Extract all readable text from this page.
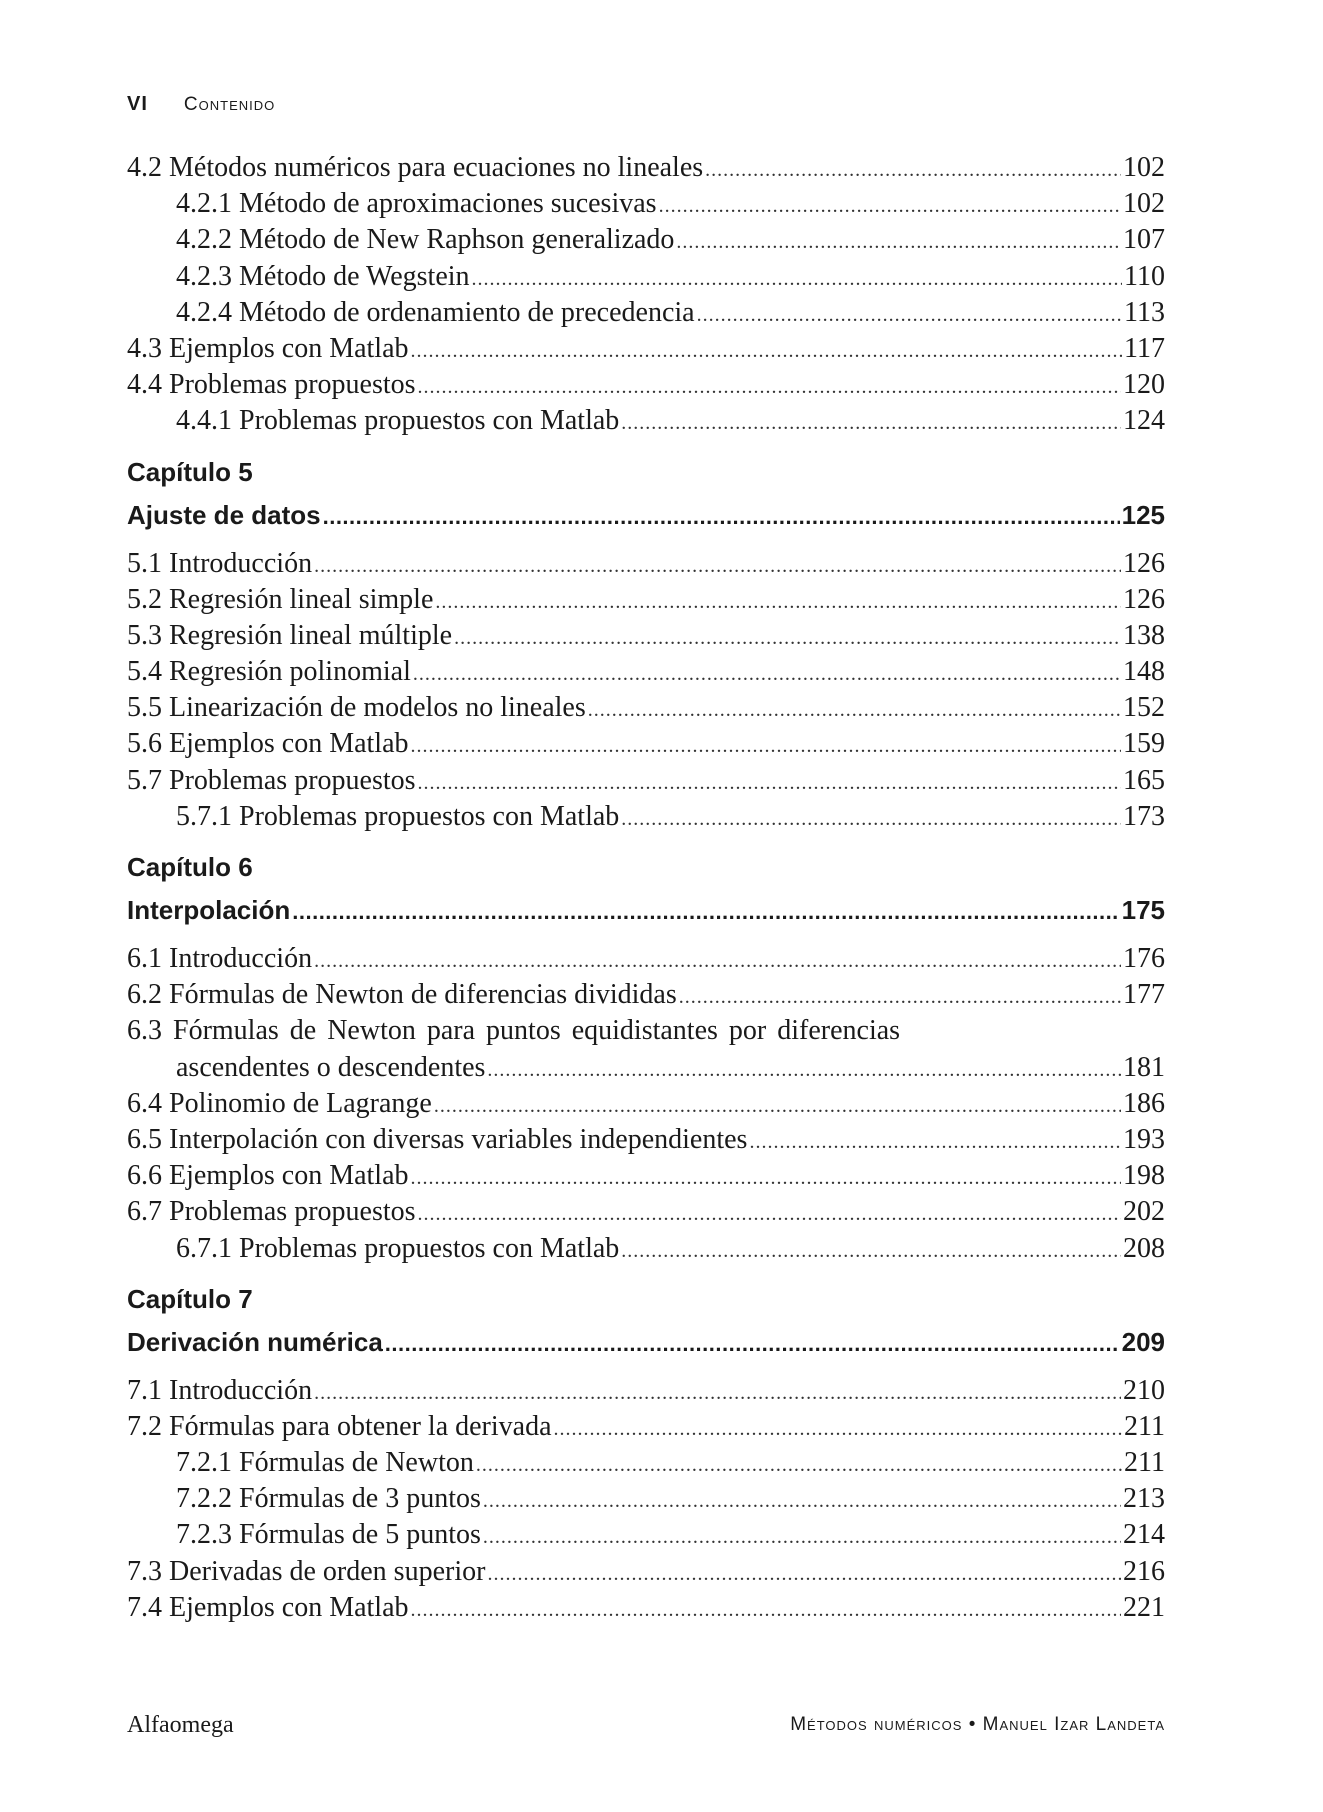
VI Contenido
4.2 Métodos numéricos para ecuaciones no lineales .....	102
4.2.1 Método de aproximaciones sucesivas .....	102
4.2.2 Método de New Raphson generalizado .....	107
4.2.3 Método de Wegstein .....	110
4.2.4 Método de ordenamiento de precedencia .....	113
4.3 Ejemplos con Matlab .....	117
4.4 Problemas propuestos .....	120
4.4.1 Problemas propuestos con Matlab .....	124
Capítulo 5
Ajuste de datos .....	125
5.1 Introducción .....	126
5.2 Regresión lineal simple .....	126
5.3 Regresión lineal múltiple .....	138
5.4 Regresión polinomial .....	148
5.5 Linearización de modelos no lineales .....	152
5.6 Ejemplos con Matlab .....	159
5.7 Problemas propuestos .....	165
5.7.1 Problemas propuestos con Matlab .....	173
Capítulo 6
Interpolación .....	175
6.1 Introducción .....	176
6.2 Fórmulas de Newton de diferencias divididas .....	177
6.3 Fórmulas de Newton para puntos equidistantes por diferencias
ascendentes o descendentes .....	181
6.4 Polinomio de Lagrange .....	186
6.5 Interpolación con diversas variables independientes .....	193
6.6 Ejemplos con Matlab .....	198
6.7 Problemas propuestos .....	202
6.7.1 Problemas propuestos con Matlab .....	208
Capítulo 7
Derivación numérica .....	209
7.1 Introducción .....	210
7.2 Fórmulas para obtener la derivada .....	211
7.2.1 Fórmulas de Newton .....	211
7.2.2 Fórmulas de 3 puntos .....	213
7.2.3 Fórmulas de 5 puntos .....	214
7.3 Derivadas de orden superior .....	216
7.4 Ejemplos con Matlab .....	221
Alfaomega	Métodos numéricos • Manuel Izar Landeta
